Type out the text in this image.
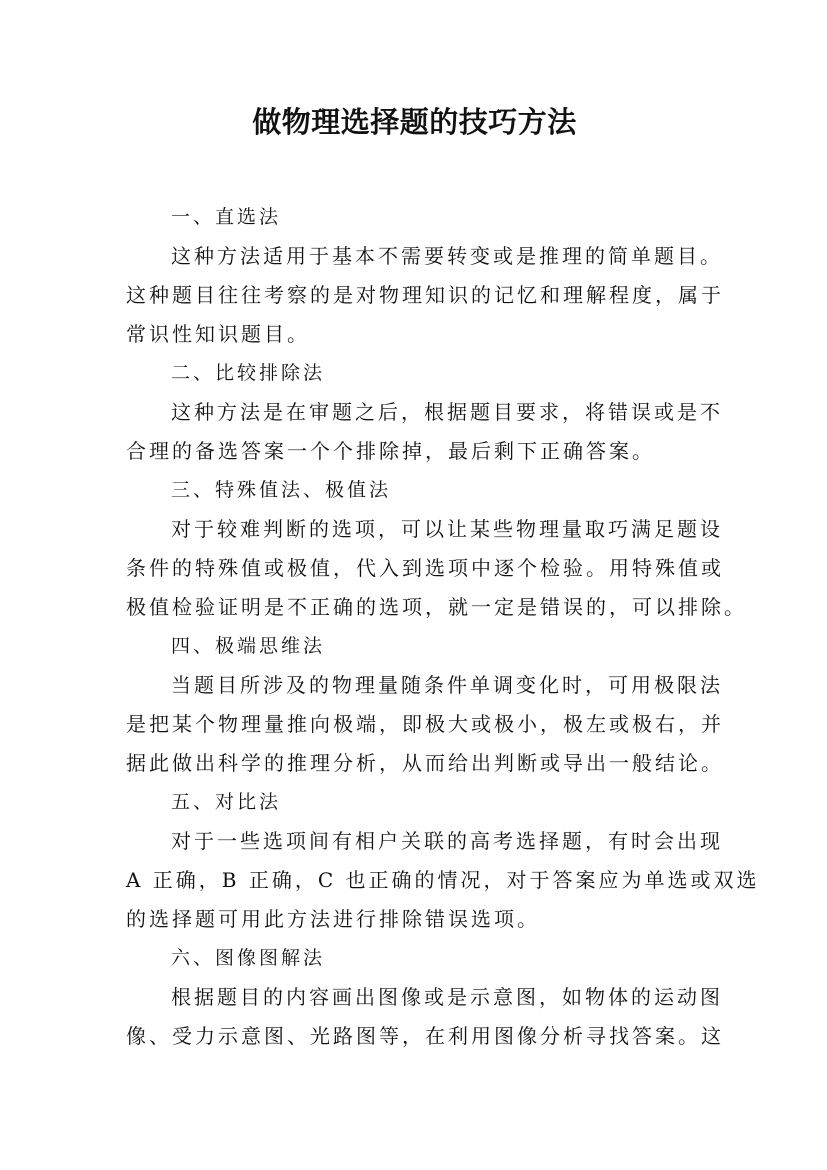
做物理选择题的技巧方法

一、直选法

这种方法适用于基本不需要转变或是推理的简单题目。

这种题目往往考察的是对物理知识的记忆和理解程度，属于

常识性知识题目。

二、比较排除法

这种方法是在审题之后，根据题目要求，将错误或是不

合理的备选答案一个个排除掉，最后剩下正确答案。

三、特殊值法、极值法

对于较难判断的选项，可以让某些物理量取巧满足题设

条件的特殊值或极值，代入到选项中逐个检验。用特殊值或

极值检验证明是不正确的选项，就一定是错误的，可以排除。

四、极端思维法

当题目所涉及的物理量随条件单调变化时，可用极限法

是把某个物理量推向极端，即极大或极小，极左或极右，并

据此做出科学的推理分析，从而给出判断或导出一般结论。

五、对比法

对于一些选项间有相户关联的高考选择题，有时会出现

A 正确，B 正确，C 也正确的情况，对于答案应为单选或双选

的选择题可用此方法进行排除错误选项。

六、图像图解法

根据题目的内容画出图像或是示意图，如物体的运动图

像、受力示意图、光路图等，在利用图像分析寻找答案。这
